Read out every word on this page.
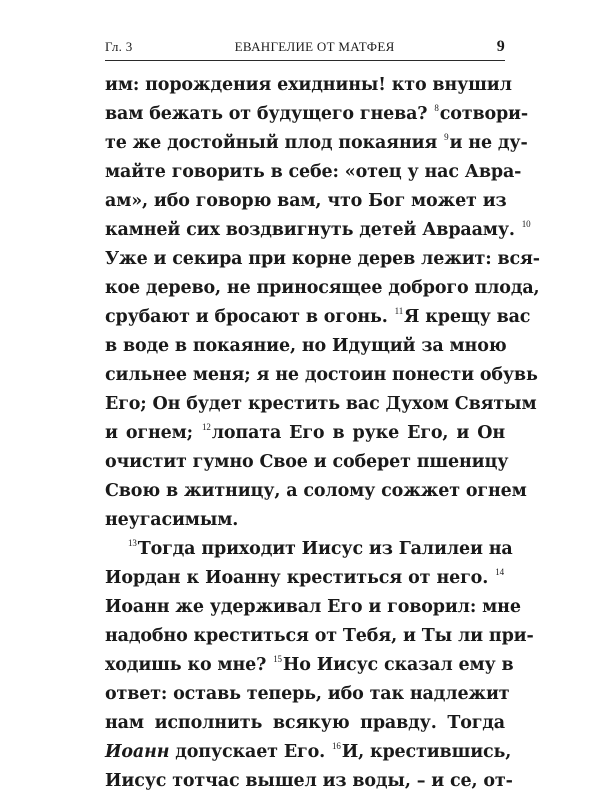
Гл. 3	ЕВАНГЕЛИЕ ОТ МАТФЕЯ	9
им: порождения ехиднины! кто внушил
вам бежать от будущего гнева? $^8$сотвори-
те же достойный плод покаяния $^9$и не ду-
майте говорить в себе: «отец у нас Авра-
ам», ибо говорю вам, что Бог может из
камней сих воздвигнуть детей Аврааму. $^{10}$
Уже и секира при корне дерев лежит: вся-
кое дерево, не приносящее доброго плода,
срубают и бросают в огонь. $^{11}$Я крещу вас
в воде в покаяние, но Идущий за мною
сильнее меня; я не достоин понести обувь
Его; Он будет крестить вас Духом Святым
и огнем; $^{12}$лопата Его в руке Его, и Он
очистит гумно Свое и соберет пшеницу
Свою в житницу, а солому сожжет огнем
неугасимым.
$^{13}$Тогда приходит Иисус из Галилеи на
Иордан к Иоанну креститься от него. $^{14}$
Иоанн же удерживал Его и говорил: мне
надобно креститься от Тебя, и Ты ли при-
ходишь ко мне? $^{15}$Но Иисус сказал ему в
ответ: оставь теперь, ибо так надлежит
нам исполнить всякую правду. Тогда
Иоанн допускает Его. $^{16}$И, крестившись,
Иисус тотчас вышел из воды, – и се, от-
